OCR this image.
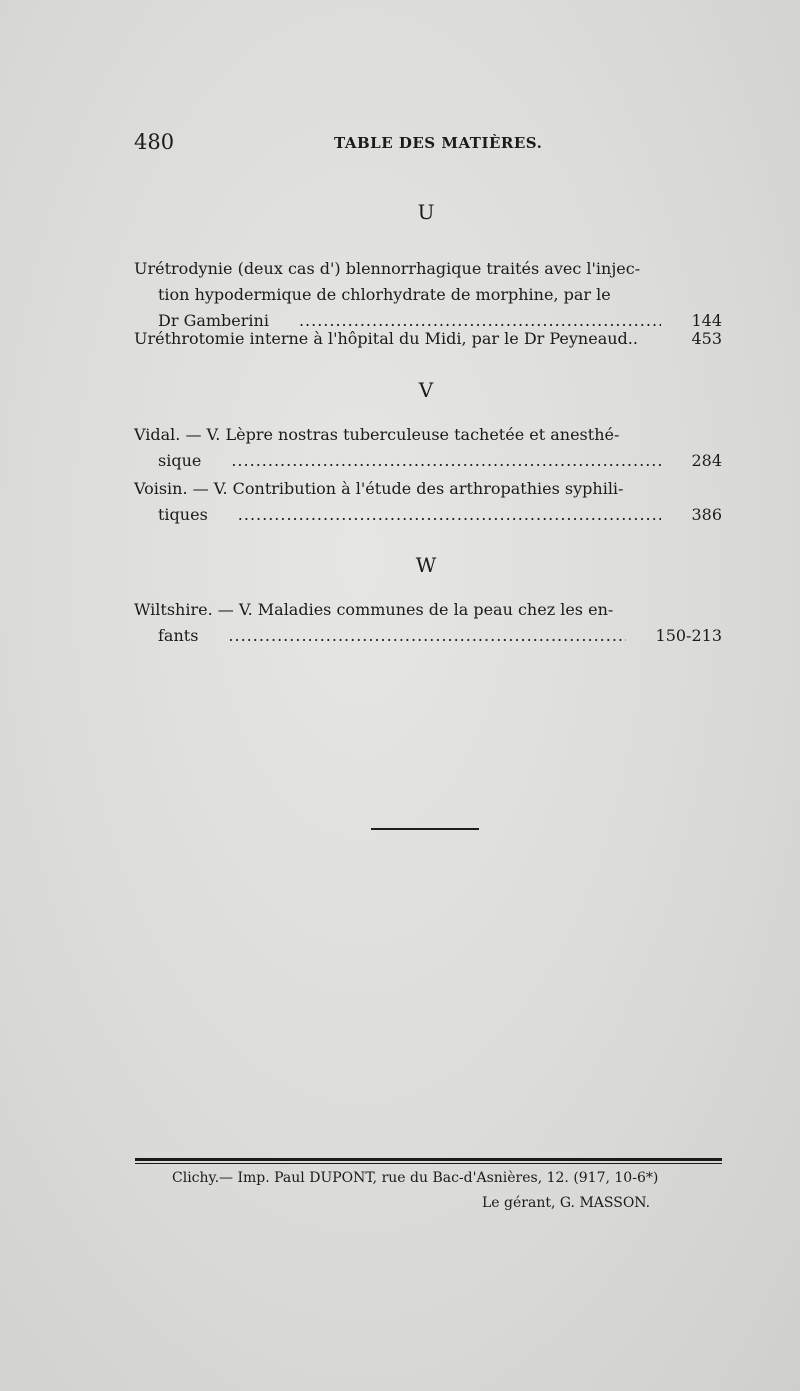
480	TABLE DES MATIÈRES.
U
Urétrodynie (deux cas d') blennorrhagique traités avec l'injec-
tion hypodermique de chlorhydrate de morphine, par le
Dr Gamberini .....	144
Uréthrotomie interne à l'hôpital du Midi, par le Dr Peyneaud..	453
V
Vidal. — V. Lèpre nostras tuberculeuse tachetée et anesthé-
sique .....	284
Voisin. — V. Contribution à l'étude des arthropathies syphili-
tiques .....	386
W
Wiltshire. — V. Maladies communes de la peau chez les en-
fants .....	150-213
Clichy.— Imp. Paul DUPONT, rue du Bac-d'Asnières, 12. (917, 10-6*)
Le gérant, G. MASSON.
